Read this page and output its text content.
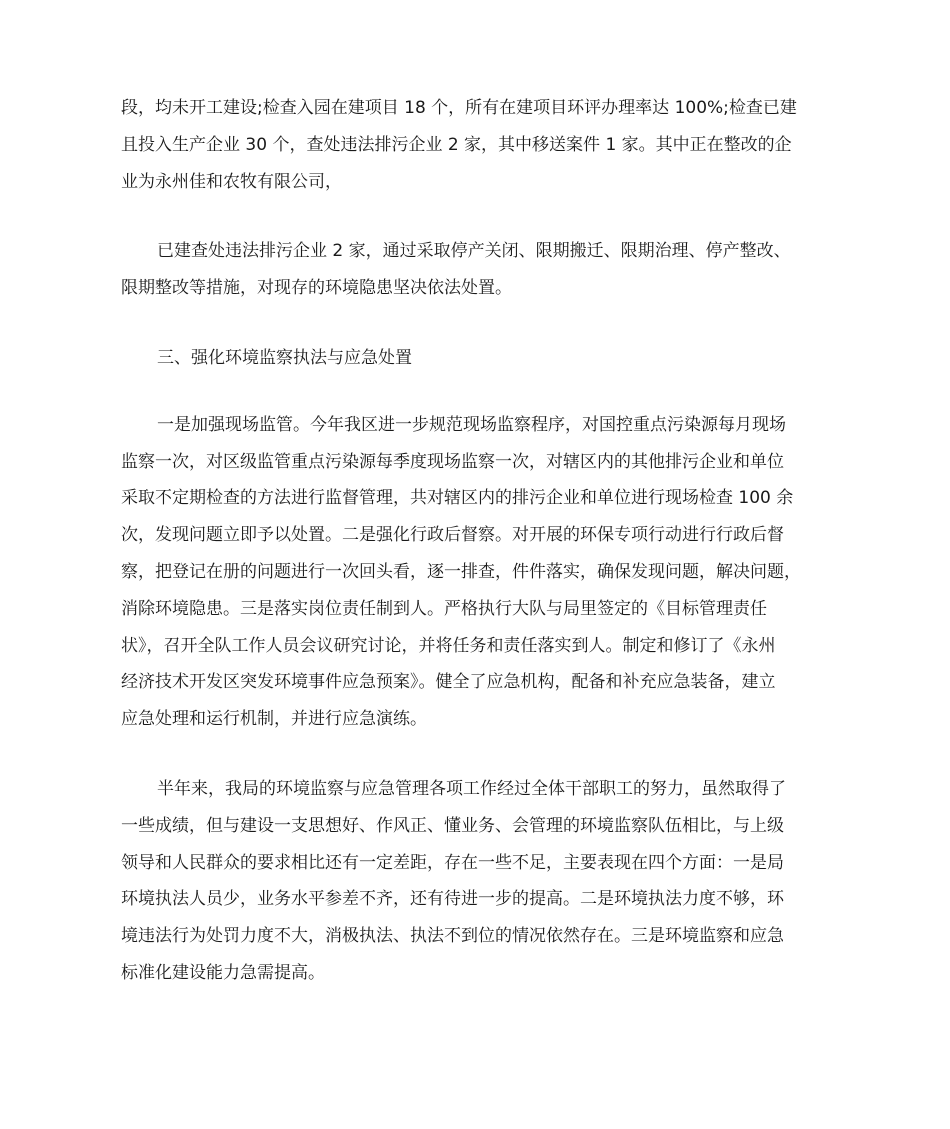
段，均未开工建设;检查入园在建项目 18 个，所有在建项目环评办理率达 100%;检查已建
且投入生产企业 30 个，查处违法排污企业 2 家，其中移送案件 1 家。其中正在整改的企
业为永州佳和农牧有限公司，
已建查处违法排污企业 2 家，通过采取停产关闭、限期搬迁、限期治理、停产整改、
限期整改等措施，对现存的环境隐患坚决依法处置。
三、强化环境监察执法与应急处置
一是加强现场监管。今年我区进一步规范现场监察程序，对国控重点污染源每月现场
监察一次，对区级监管重点污染源每季度现场监察一次，对辖区内的其他排污企业和单位
采取不定期检查的方法进行监督管理，共对辖区内的排污企业和单位进行现场检查 100 余
次，发现问题立即予以处置。二是强化行政后督察。对开展的环保专项行动进行行政后督
察，把登记在册的问题进行一次回头看，逐一排查，件件落实，确保发现问题，解决问题，
消除环境隐患。三是落实岗位责任制到人。严格执行大队与局里签定的《目标管理责任
状》，召开全队工作人员会议研究讨论，并将任务和责任落实到人。制定和修订了《永州
经济技术开发区突发环境事件应急预案》。健全了应急机构，配备和补充应急装备，建立
应急处理和运行机制，并进行应急演练。
半年来，我局的环境监察与应急管理各项工作经过全体干部职工的努力，虽然取得了
一些成绩，但与建设一支思想好、作风正、懂业务、会管理的环境监察队伍相比，与上级
领导和人民群众的要求相比还有一定差距，存在一些不足，主要表现在四个方面：一是局
环境执法人员少，业务水平参差不齐，还有待进一步的提高。二是环境执法力度不够，环
境违法行为处罚力度不大，消极执法、执法不到位的情况依然存在。三是环境监察和应急
标准化建设能力急需提高。
